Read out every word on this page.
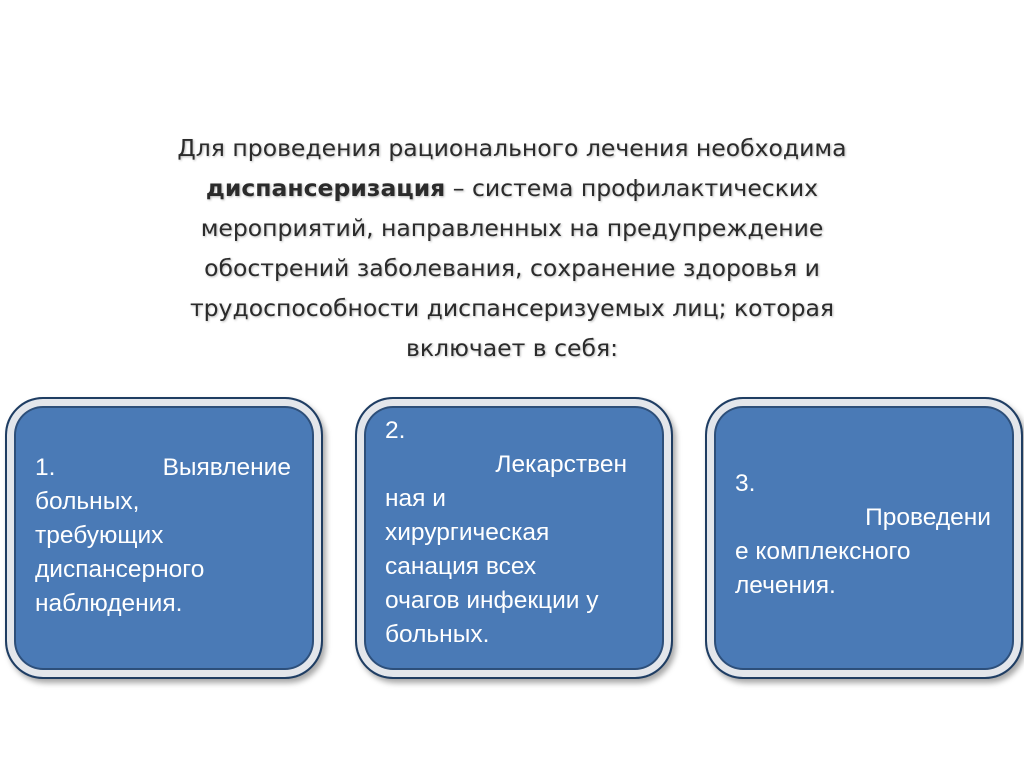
Для проведения рационального лечения необходима
диспансеризация – система профилактических
мероприятий, направленных на предупреждение
обострений заболевания, сохранение здоровья и
трудоспособности диспансеризуемых лиц; которая
включает в себя:
1.	Выявление
больных,
требующих
диспансерного
наблюдения.
2.
Лекарствен
ная и
хирургическая
санация всех
очагов инфекции у
больных.
3.
Проведени
е комплексного
лечения.
